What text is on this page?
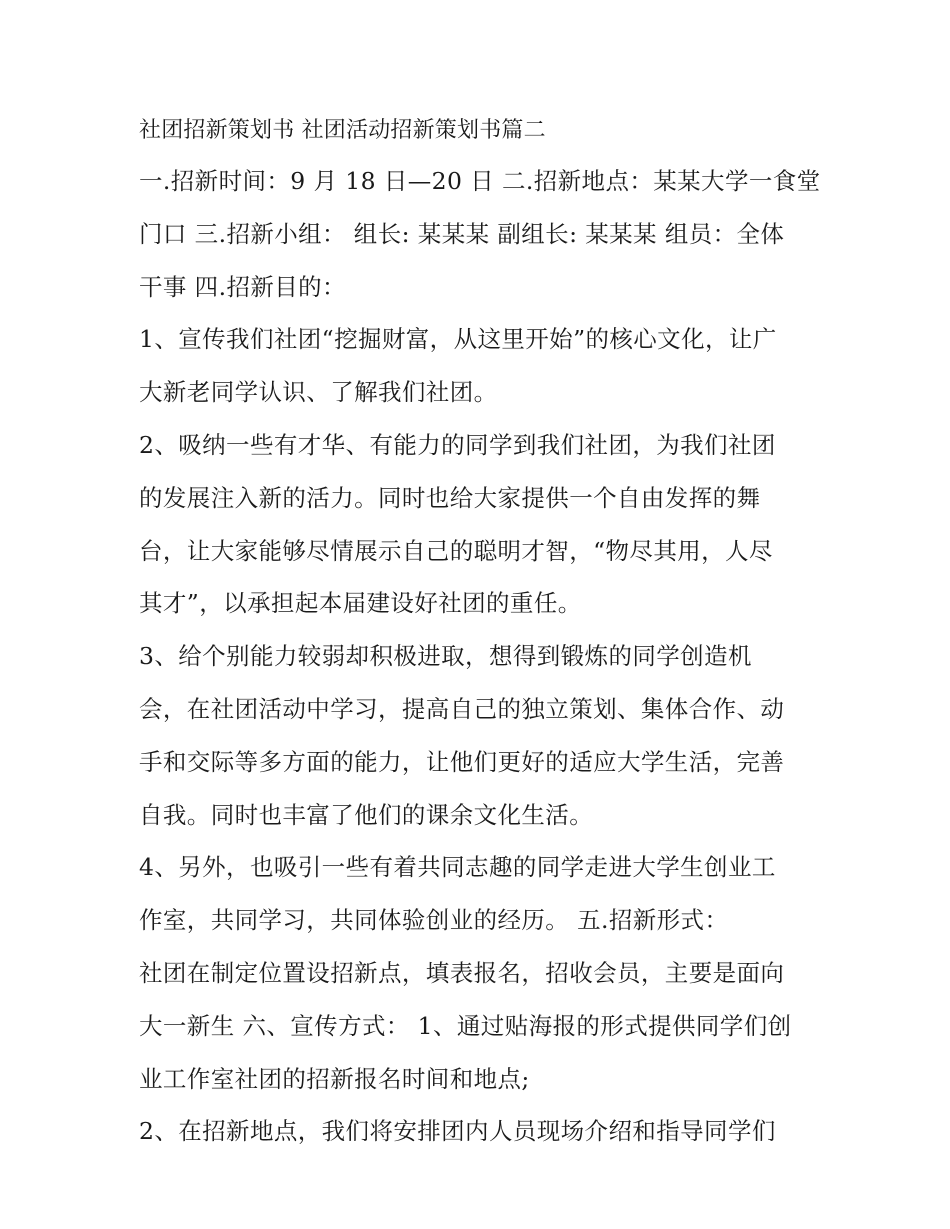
社团招新策划书 社团活动招新策划书篇二
一.招新时间：9 月 18 日—20 日 二.招新地点：某某大学一食堂
门口 三.招新小组： 组长: 某某某 副组长: 某某某 组员：全体
干事 四.招新目的：
1、宣传我们社团“挖掘财富，从这里开始”的核心文化，让广
大新老同学认识、了解我们社团。
2、吸纳一些有才华、有能力的同学到我们社团，为我们社团
的发展注入新的活力。同时也给大家提供一个自由发挥的舞
台，让大家能够尽情展示自己的聪明才智，“物尽其用，人尽
其才”，以承担起本届建设好社团的重任。
3、给个别能力较弱却积极进取，想得到锻炼的同学创造机
会，在社团活动中学习，提高自己的独立策划、集体合作、动
手和交际等多方面的能力，让他们更好的适应大学生活，完善
自我。同时也丰富了他们的课余文化生活。
4、另外，也吸引一些有着共同志趣的同学走进大学生创业工
作室，共同学习，共同体验创业的经历。 五.招新形式：
社团在制定位置设招新点，填表报名，招收会员，主要是面向
大一新生 六、宣传方式： 1、通过贴海报的形式提供同学们创
业工作室社团的招新报名时间和地点;
2、在招新地点，我们将安排团内人员现场介绍和指导同学们
